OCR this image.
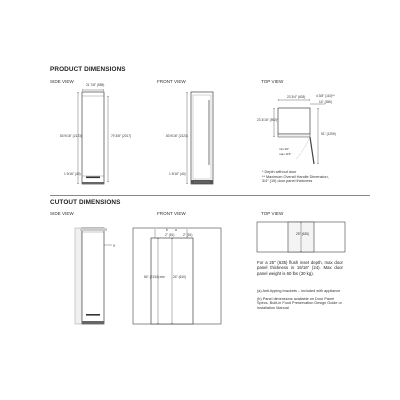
PRODUCT DIMENSIONS
SIDE VIEW	FRONT VIEW	TOP VIEW
CUTOUT DIMENSIONS
SIDE VIEW	FRONT VIEW	TOP VIEW
21 7/8" (555)
83 9/16" (2123)
1 9/16" (40)
79 3/8" (2017)	83 9/16" (2123)
1 9/16" (40)
23 3/4" (603)	4 3/8" (110)**
14" (356)
23 3/16" (592)*
51" (1295)
min 90°
max 115°
a
2" (51)	2" (51)
b
84" (2134) min	24" (610)
a
25" (635)
* Depth without door
** Maximum Overall Handle Dimension,
3/4" (19) door panel thickness
For a 25" (635) flush inset depth, max door panel thickness is 19/16" (24). Max door panel weight is 60 lbs (30 kg).
(a) Anti-tipping brackets – included with appliance
(b) Panel dimensions available on Door Panel Specs, Built-in Food Preservation Design Guide or Installation Manual
